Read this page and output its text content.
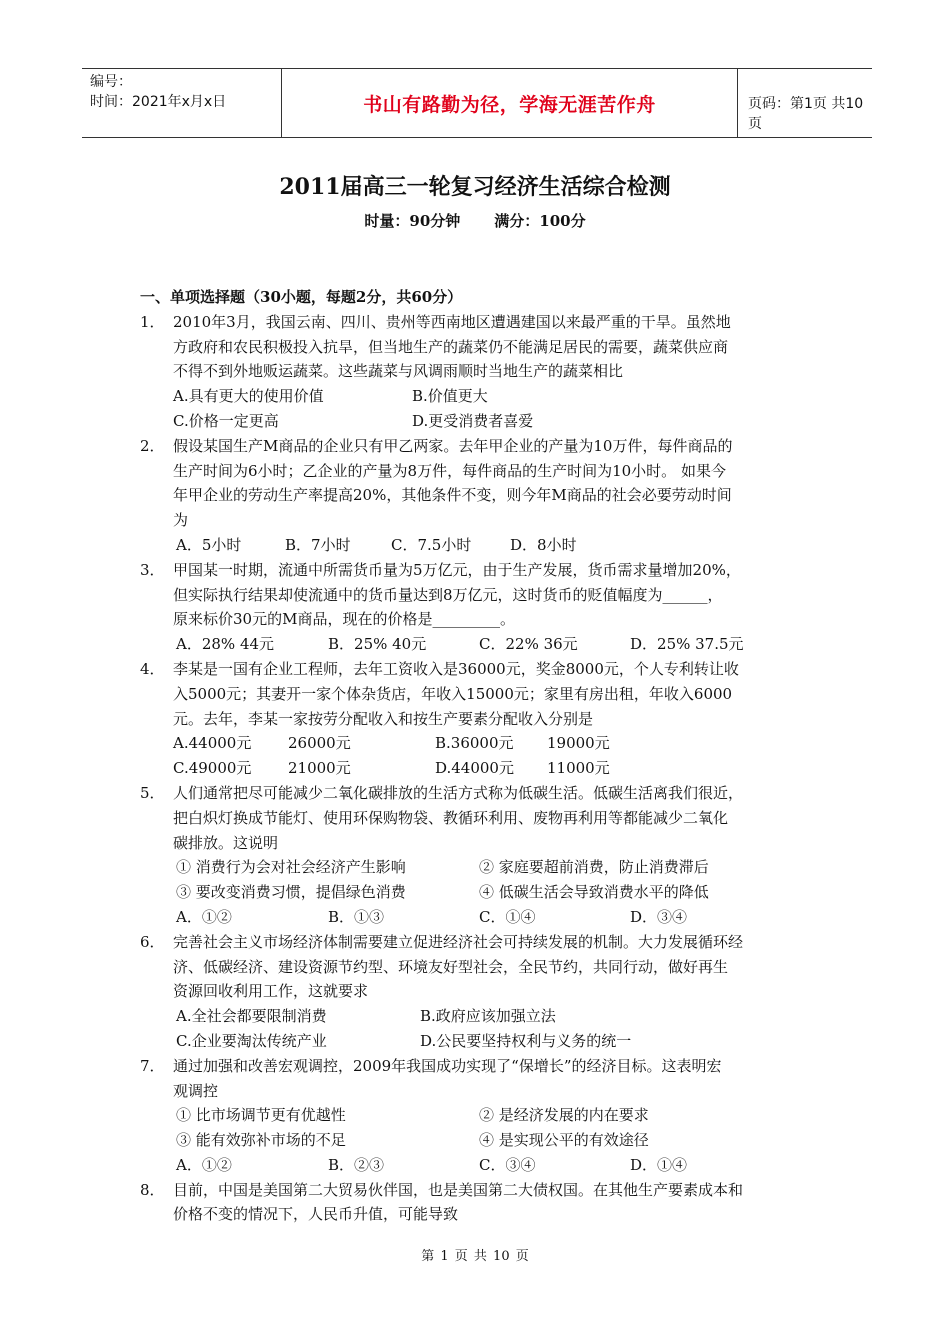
编号：
时间：2021年x月x日	书山有路勤为径，学海无涯苦作舟	页码：第1页 共10页
2011届高三一轮复习经济生活综合检测
时量：90分钟 满分：100分
一、单项选择题（30小题，每题2分，共60分）
1． 2010年3月，我国云南、四川、贵州等西南地区遭遇建国以来最严重的干旱。虽然地
方政府和农民积极投入抗旱，但当地生产的蔬菜仍不能满足居民的需要，蔬菜供应商
不得不到外地贩运蔬菜。这些蔬菜与风调雨顺时当地生产的蔬菜相比
A.具有更大的使用价值	B.价值更大
C.价格一定更高	D.更受消费者喜爱
2． 假设某国生产M商品的企业只有甲乙两家。去年甲企业的产量为10万件，每件商品的
生产时间为6小时；乙企业的产量为8万件，每件商品的生产时间为10小时。 如果今
年甲企业的劳动生产率提高20%，其他条件不变，则今年M商品的社会必要劳动时间
为
A．5小时	B．7小时	C．7.5小时	D．8小时
3． 甲国某一时期，流通中所需货币量为5万亿元，由于生产发展，货币需求量增加20%，
但实际执行结果却使流通中的货币量达到8万亿元，这时货币的贬值幅度为______，
原来标价30元的M商品，现在的价格是_________。
A．28% 44元	B．25% 40元	C．22% 36元	D．25% 37.5元
4． 李某是一国有企业工程师，去年工资收入是36000元，奖金8000元，个人专利转让收
入5000元；其妻开一家个体杂货店，年收入15000元；家里有房出租，年收入6000
元。去年，李某一家按劳分配收入和按生产要素分配收入分别是
A.44000元 26000元	B.36000元 19000元
C.49000元 21000元	D.44000元 11000元
5． 人们通常把尽可能减少二氧化碳排放的生活方式称为低碳生活。低碳生活离我们很近，
把白炽灯换成节能灯、使用环保购物袋、教循环利用、废物再利用等都能减少二氧化
碳排放。这说明
① 消费行为会对社会经济产生影响	② 家庭要超前消费，防止消费滞后
③ 要改变消费习惯，提倡绿色消费	④ 低碳生活会导致消费水平的降低
A．①②	B．①③	C．①④	D．③④
6． 完善社会主义市场经济体制需要建立促进经济社会可持续发展的机制。大力发展循环经
济、低碳经济、建设资源节约型、环境友好型社会，全民节约，共同行动，做好再生
资源回收利用工作，这就要求
A.全社会都要限制消费	B.政府应该加强立法
C.企业要淘汰传统产业	D.公民要坚持权利与义务的统一
7． 通过加强和改善宏观调控，2009年我国成功实现了“保增长”的经济目标。这表明宏
观调控
① 比市场调节更有优越性	② 是经济发展的内在要求
③ 能有效弥补市场的不足	④ 是实现公平的有效途径
A．①②	B．②③	C．③④	D．①④
8． 目前，中国是美国第二大贸易伙伴国，也是美国第二大债权国。在其他生产要素成本和
价格不变的情况下，人民币升值，可能导致
第 1 页 共 10 页
